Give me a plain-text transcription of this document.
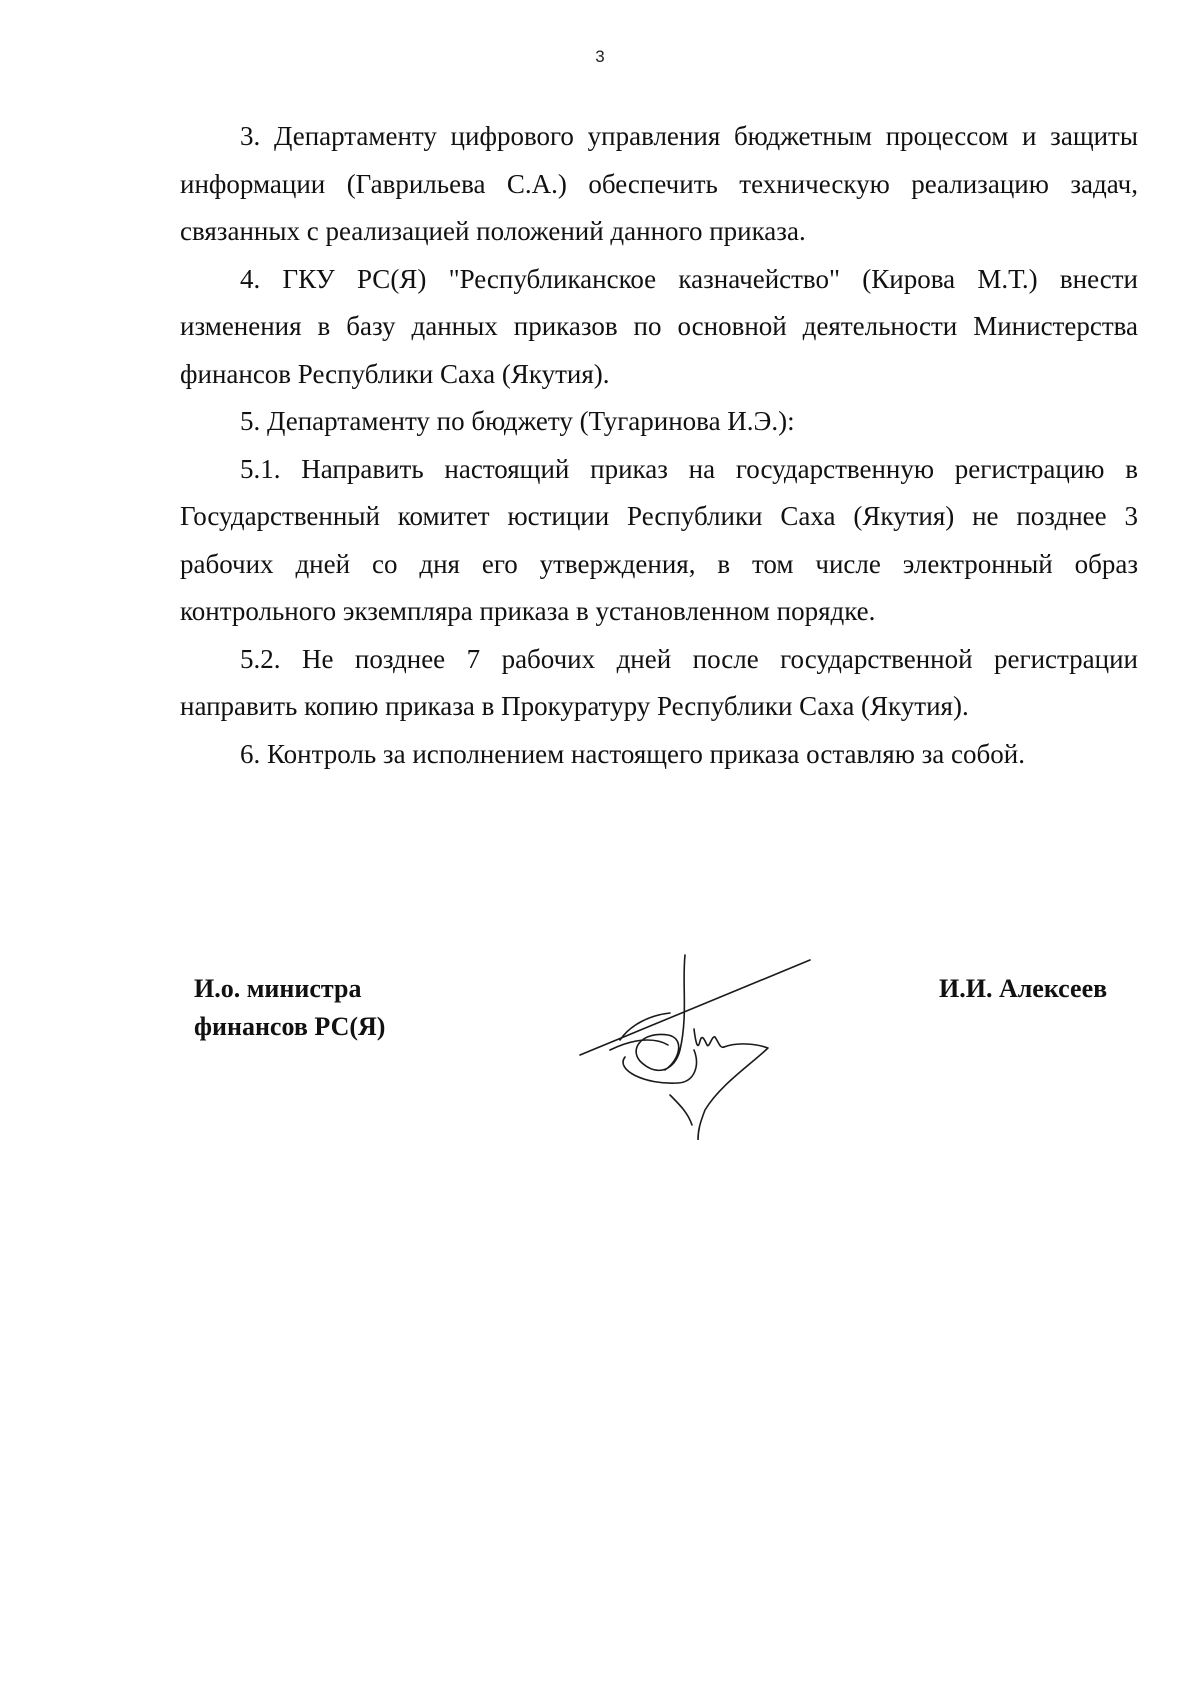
3

3. Департаменту цифрового управления бюджетным процессом и защиты информации (Гаврильева С.А.) обеспечить техническую реализацию задач, связанных с реализацией положений данного приказа.

4. ГКУ РС(Я) "Республиканское казначейство" (Кирова М.Т.) внести изменения в базу данных приказов по основной деятельности Министерства финансов Республики Саха (Якутия).

5. Департаменту по бюджету (Тугаринова И.Э.):

5.1. Направить настоящий приказ на государственную регистрацию в Государственный комитет юстиции Республики Саха (Якутия) не позднее 3 рабочих дней со дня его утверждения, в том числе электронный образ контрольного экземпляра приказа в установленном порядке.

5.2. Не позднее 7 рабочих дней после государственной регистрации направить копию приказа в Прокуратуру Республики Саха (Якутия).

6. Контроль за исполнением настоящего приказа оставляю за собой.

И.о. министра
финансов РС(Я)
И.И. Алексеев
